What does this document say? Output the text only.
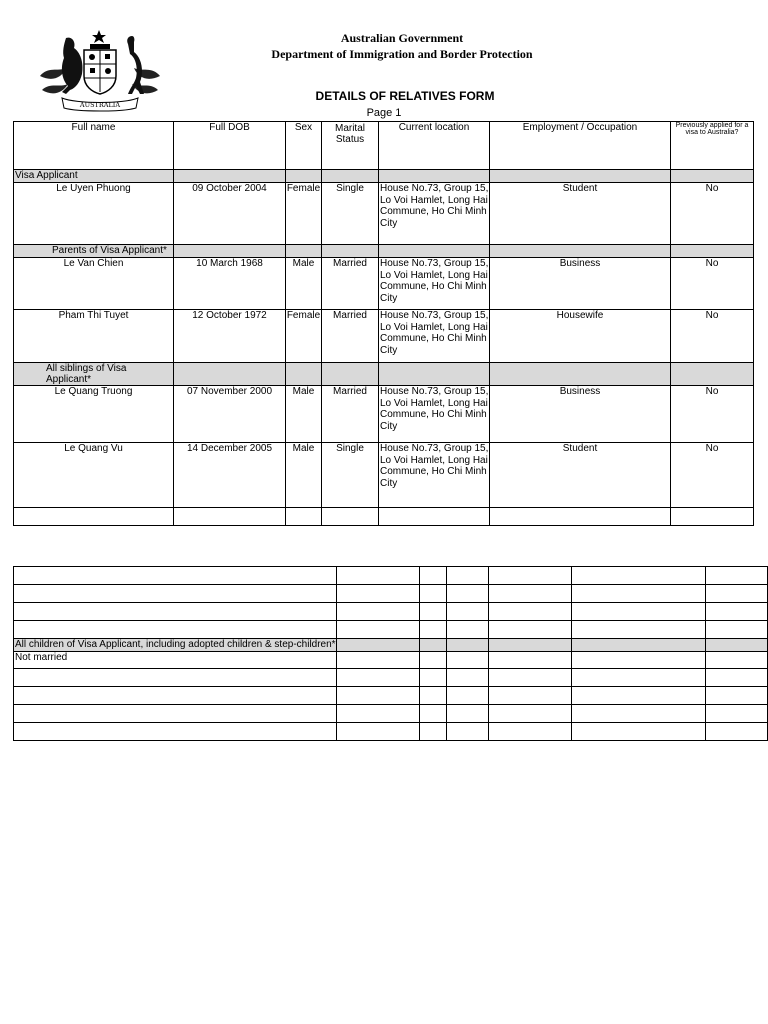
AUSTRALIA
Australian Government
Department of Immigration and Border Protection
DETAILS OF RELATIVES FORM
Page 1
Full name	Full DOB	Sex	Marital Status	Current location	Employment / Occupation	Previously applied for a visa to Australia?
Visa Applicant						
Le Uyen Phuong	09 October 2004	Female	Single	House No.73, Group 15, Lo Voi Hamlet, Long Hai Commune, Ho Chi Minh City	Student	No
Parents of Visa Applicant*						
Le Van Chien	10 March 1968	Male	Married	House No.73, Group 15, Lo Voi Hamlet, Long Hai Commune, Ho Chi Minh City	Business	No
Pham Thi Tuyet	12 October 1972	Female	Married	House No.73, Group 15, Lo Voi Hamlet, Long Hai Commune, Ho Chi Minh City	Housewife	No
All siblings of Visa Applicant*						
Le Quang Truong	07 November 2000	Male	Married	House No.73, Group 15, Lo Voi Hamlet, Long Hai Commune, Ho Chi Minh City	Business	No
Le Quang Vu	14 December 2005	Male	Single	House No.73, Group 15, Lo Voi Hamlet, Long Hai Commune, Ho Chi Minh City	Student	No

All children of Visa Applicant, including adopted children & step-children*						
Not married						
